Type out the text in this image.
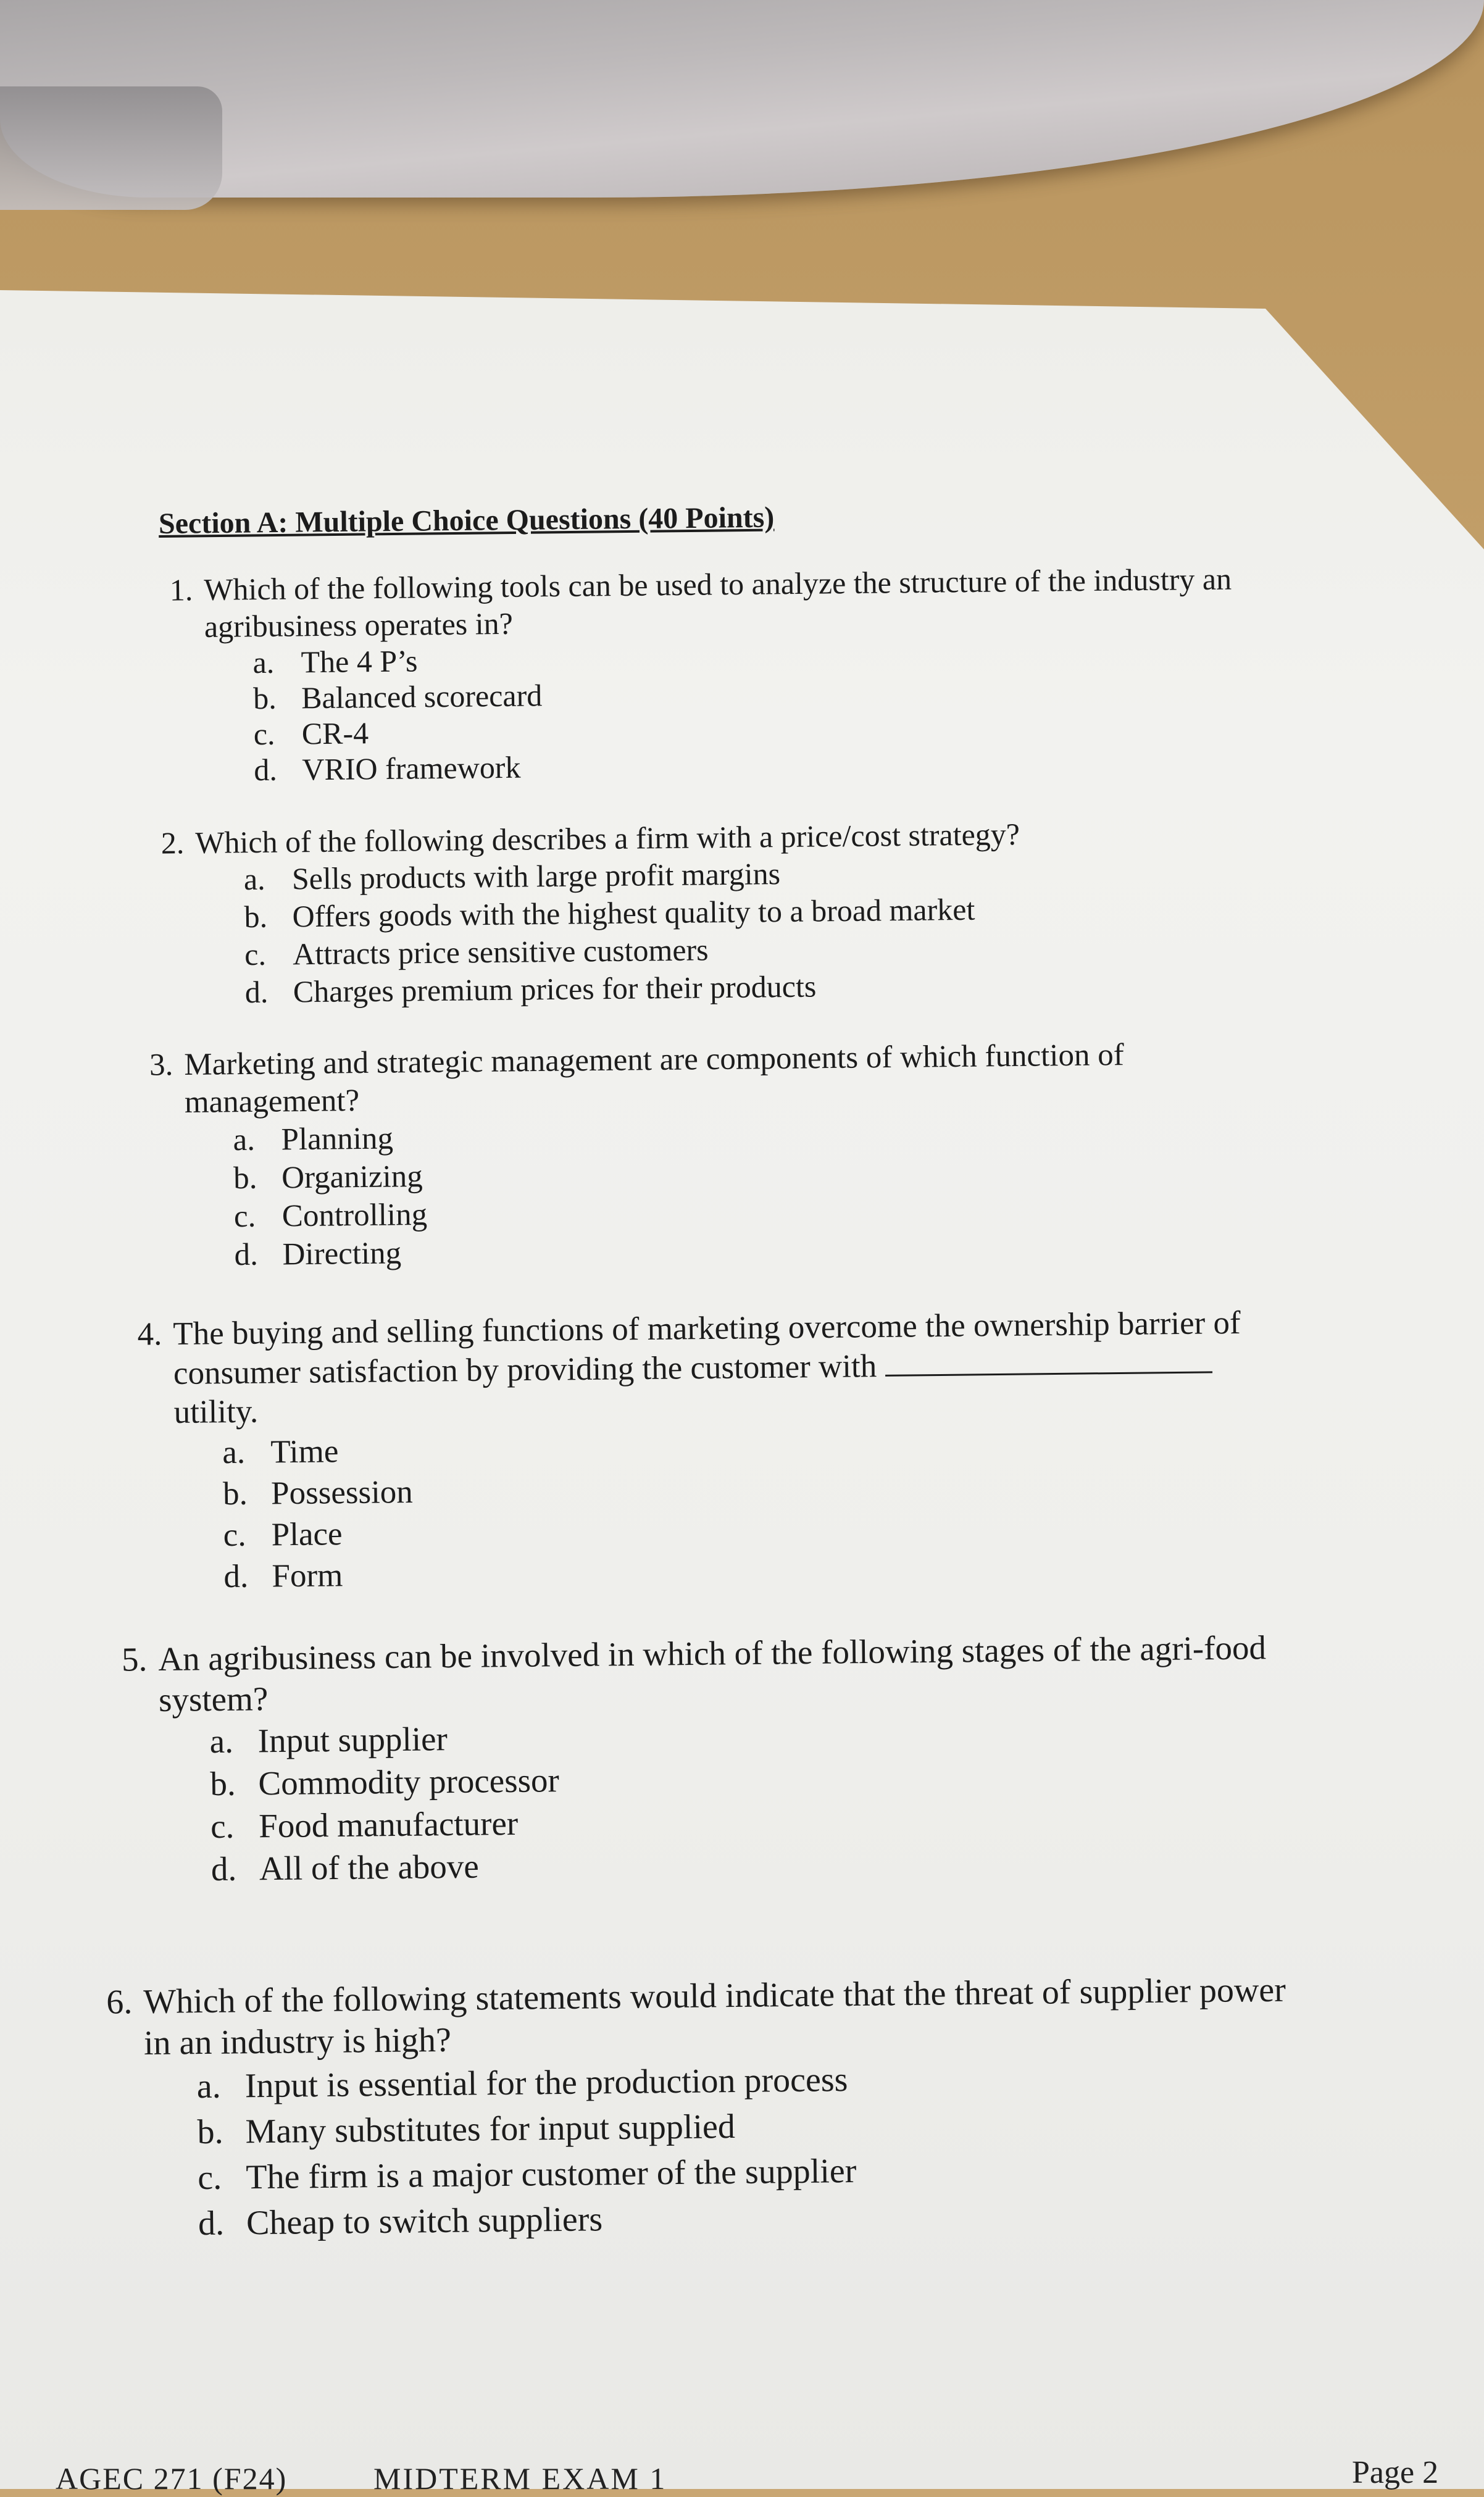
Section A: Multiple Choice Questions (40 Points)
1. Which of the following tools can be used to analyze the structure of the industry an
agribusiness operates in?
a. The 4 P’s
b. Balanced scorecard
c. CR-4
d. VRIO framework
2. Which of the following describes a firm with a price/cost strategy?
a. Sells products with large profit margins
b. Offers goods with the highest quality to a broad market
c. Attracts price sensitive customers
d. Charges premium prices for their products
3. Marketing and strategic management are components of which function of
management?
a. Planning
b. Organizing
c. Controlling
d. Directing
4. The buying and selling functions of marketing overcome the ownership barrier of
consumer satisfaction by providing the customer with
utility.
a. Time
b. Possession
c. Place
d. Form
5. An agribusiness can be involved in which of the following stages of the agri-food
system?
a. Input supplier
b. Commodity processor
c. Food manufacturer
d. All of the above
6. Which of the following statements would indicate that the threat of supplier power
in an industry is high?
a. Input is essential for the production process
b. Many substitutes for input supplied
c. The firm is a major customer of the supplier
d. Cheap to switch suppliers
AGEC 271 (F24)	MIDTERM EXAM 1	Page 2
